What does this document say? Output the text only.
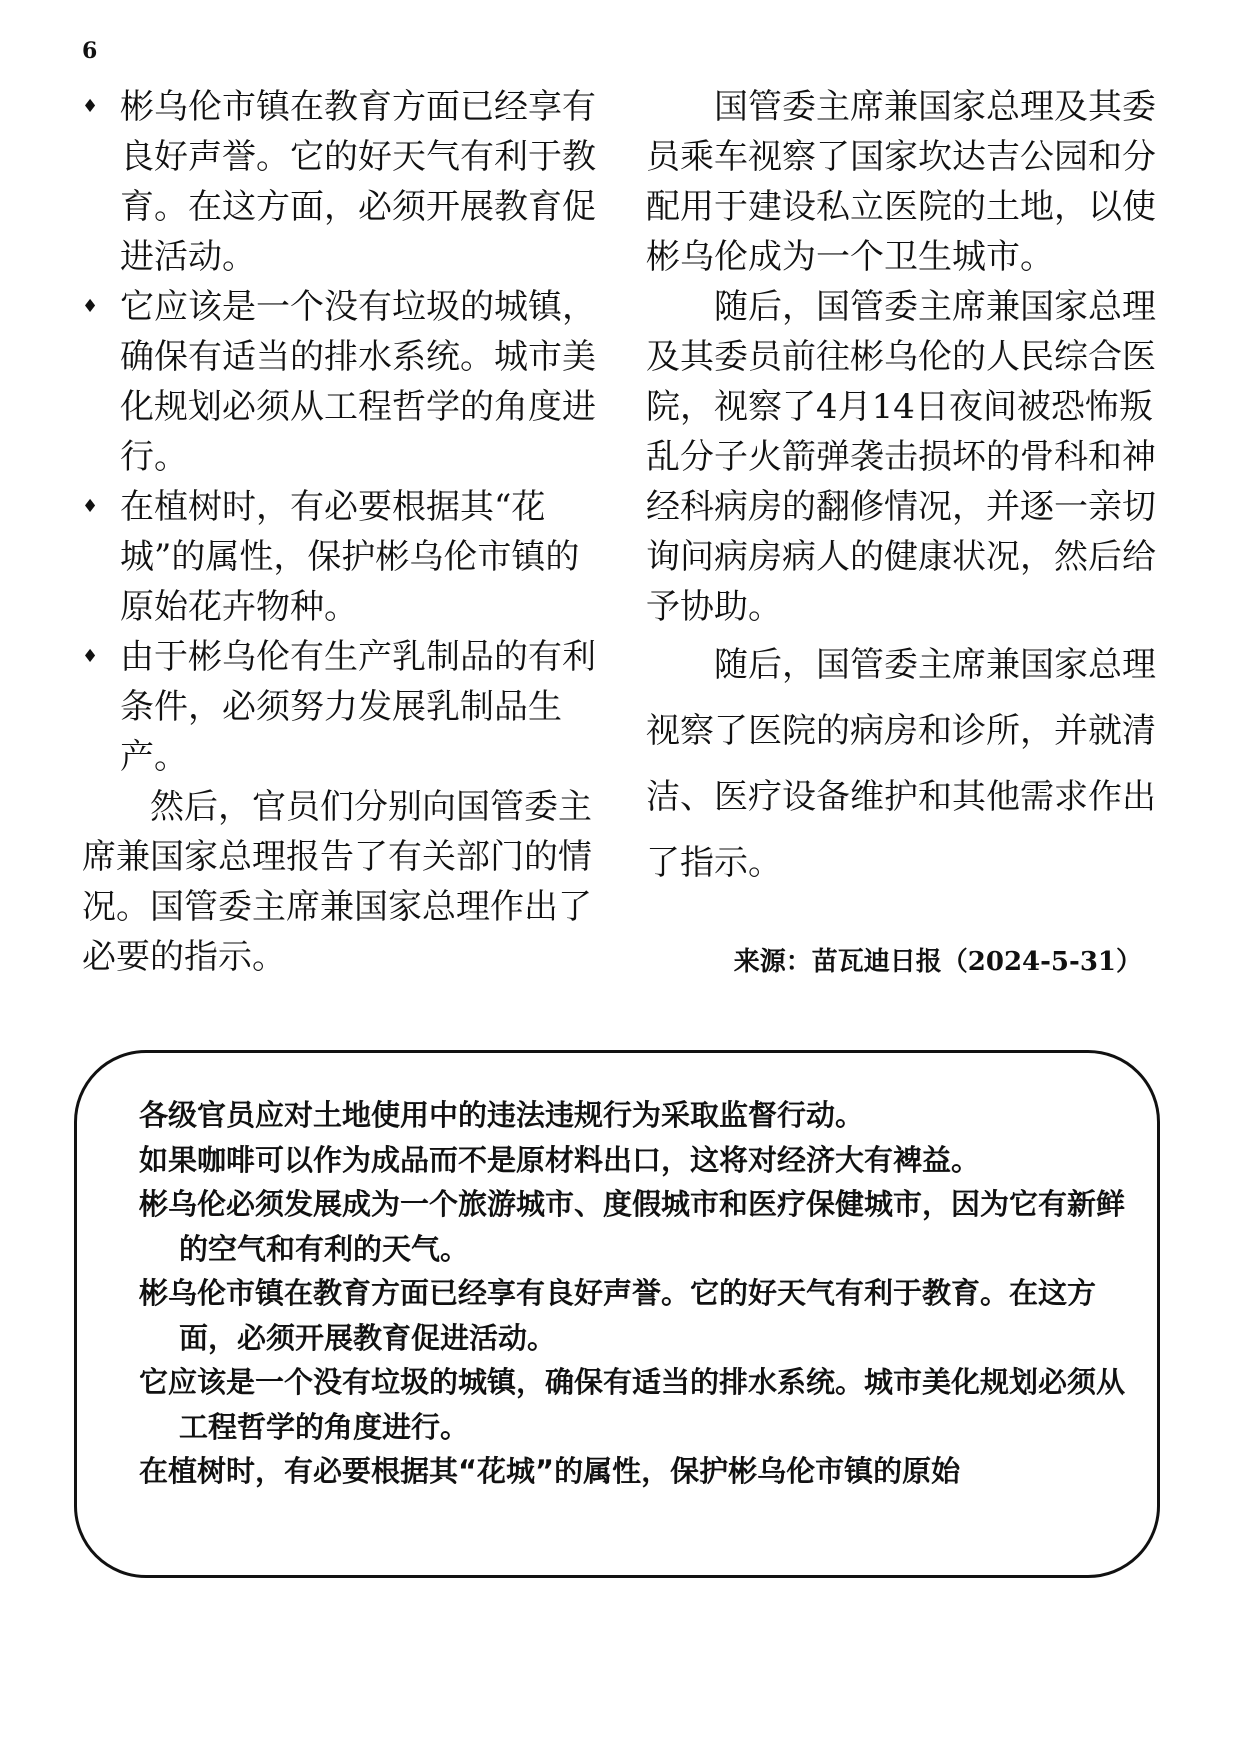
6
♦ 彬乌伦市镇在教育方面已经享有良好声誉。它的好天气有利于教育。在这方面，必须开展教育促进活动。
♦ 它应该是一个没有垃圾的城镇，确保有适当的排水系统。城市美化规划必须从工程哲学的角度进行。
♦ 在植树时，有必要根据其“花城”的属性，保护彬乌伦市镇的原始花卉物种。
♦ 由于彬乌伦有生产乳制品的有利条件，必须努力发展乳制品生产。

然后，官员们分别向国管委主席兼国家总理报告了有关部门的情况。国管委主席兼国家总理作出了必要的指示。

国管委主席兼国家总理及其委员乘车视察了国家坎达吉公园和分配用于建设私立医院的土地，以使彬乌伦成为一个卫生城市。

随后，国管委主席兼国家总理及其委员前往彬乌伦的人民综合医院，视察了4月14日夜间被恐怖叛乱分子火箭弹袭击损坏的骨科和神经科病房的翻修情况，并逐一亲切询问病房病人的健康状况，然后给予协助。

随后，国管委主席兼国家总理视察了医院的病房和诊所，并就清洁、医疗设备维护和其他需求作出了指示。

来源：苗瓦迪日报（2024-5-31）
各级官员应对土地使用中的违法违规行为采取监督行动。
如果咖啡可以作为成品而不是原材料出口，这将对经济大有裨益。
彬乌伦必须发展成为一个旅游城市、度假城市和医疗保健城市，因为它有新鲜的空气和有利的天气。
彬乌伦市镇在教育方面已经享有良好声誉。它的好天气有利于教育。在这方面，必须开展教育促进活动。
它应该是一个没有垃圾的城镇，确保有适当的排水系统。城市美化规划必须从工程哲学的角度进行。
在植树时，有必要根据其“花城”的属性，保护彬乌伦市镇的原始
